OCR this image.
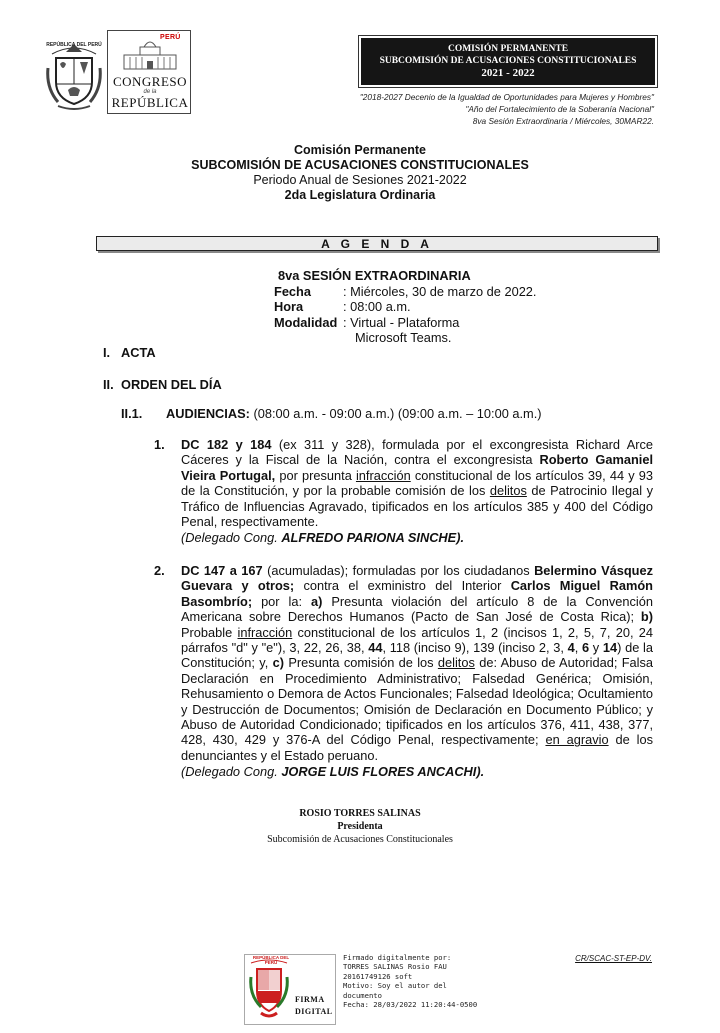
REPÚBLICA DEL PERÚ
PERÚ
CONGRESO
de la
REPÚBLICA
COMISIÓN PERMANENTE
SUBCOMISIÓN DE ACUSACIONES CONSTITUCIONALES
2021 - 2022
"2018-2027 Decenio de la Igualdad de Oportunidades para Mujeres y Hombres"
"Año del Fortalecimiento de la Soberanía Nacional"
8va Sesión Extraordinaria / Miércoles, 30MAR22.
Comisión Permanente
SUBCOMISIÓN DE ACUSACIONES CONSTITUCIONALES
Periodo Anual de Sesiones 2021-2022
2da Legislatura Ordinaria
A G E N D A
8va SESIÓN EXTRAORDINARIA
Fecha	: Miércoles, 30 de marzo de 2022.
Hora	: 08:00 a.m.
Modalidad : Virtual - Plataforma
Microsoft Teams.
I. ACTA
II. ORDEN DEL DÍA
II.1. AUDIENCIAS: (08:00 a.m. - 09:00 a.m.) (09:00 a.m. – 10:00 a.m.)
1. DC 182 y 184 (ex 311 y 328), formulada por el excongresista Richard Arce Cáceres y la Fiscal de la Nación, contra el excongresista Roberto Gamaniel Vieira Portugal, por presunta infracción constitucional de los artículos 39, 44 y 93 de la Constitución, y por la probable comisión de los delitos de Patrocinio Ilegal y Tráfico de Influencias Agravado, tipificados en los artículos 385 y 400 del Código Penal, respectivamente.
(Delegado Cong. ALFREDO PARIONA SINCHE).
2. DC 147 a 167 (acumuladas); formuladas por los ciudadanos Belermino Vásquez Guevara y otros; contra el exministro del Interior Carlos Miguel Ramón Basombrío; por la: a) Presunta violación del artículo 8 de la Convención Americana sobre Derechos Humanos (Pacto de San José de Costa Rica); b) Probable infracción constitucional de los artículos 1, 2 (incisos 1, 2, 5, 7, 20, 24 párrafos "d" y "e"), 3, 22, 26, 38, 44, 118 (inciso 9), 139 (inciso 2, 3, 4, 6 y 14) de la Constitución; y, c) Presunta comisión de los delitos de: Abuso de Autoridad; Falsa Declaración en Procedimiento Administrativo; Falsedad Genérica; Omisión, Rehusamiento o Demora de Actos Funcionales; Falsedad Ideológica; Ocultamiento y Destrucción de Documentos; Omisión de Declaración en Documento Público; y Abuso de Autoridad Condicionado; tipificados en los artículos 376, 411, 438, 377, 428, 430, 429 y 376-A del Código Penal, respectivamente; en agravio de los denunciantes y el Estado peruano.
(Delegado Cong. JORGE LUIS FLORES ANCACHI).
ROSIO TORRES SALINAS
Presidenta
Subcomisión de Acusaciones Constitucionales
REPÚBLICA DEL PERÚ
FIRMA
DIGITAL
Firmado digitalmente por:
TORRES SALINAS Rosio FAU
20161749126 soft
Motivo: Soy el autor del
documento
Fecha: 28/03/2022 11:20:44-0500
CR/SCAC-ST-EP-DV.
